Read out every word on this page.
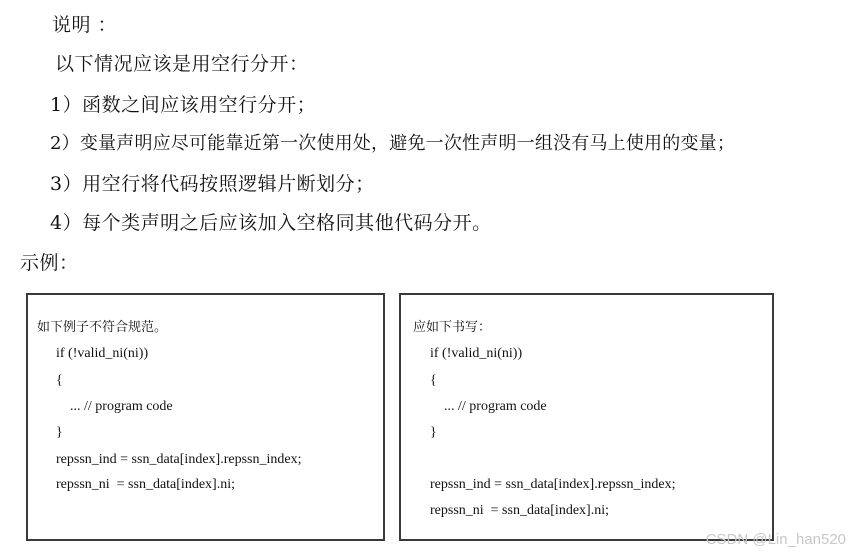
说明 ：
以下情况应该是用空行分开：
1）函数之间应该用空行分开；
2）变量声明应尽可能靠近第一次使用处，避免一次性声明一组没有马上使用的变量；
3）用空行将代码按照逻辑片断划分；
4）每个类声明之后应该加入空格同其他代码分开。
示例：
如下例子不符合规范。
if (!valid_ni(ni))
{
... // program code
}
repssn_ind = ssn_data[index].repssn_index;
repssn_ni  = ssn_data[index].ni;
应如下书写：
if (!valid_ni(ni))
{
... // program code
}
repssn_ind = ssn_data[index].repssn_index;
repssn_ni  = ssn_data[index].ni;
CSDN @Lin_han520
